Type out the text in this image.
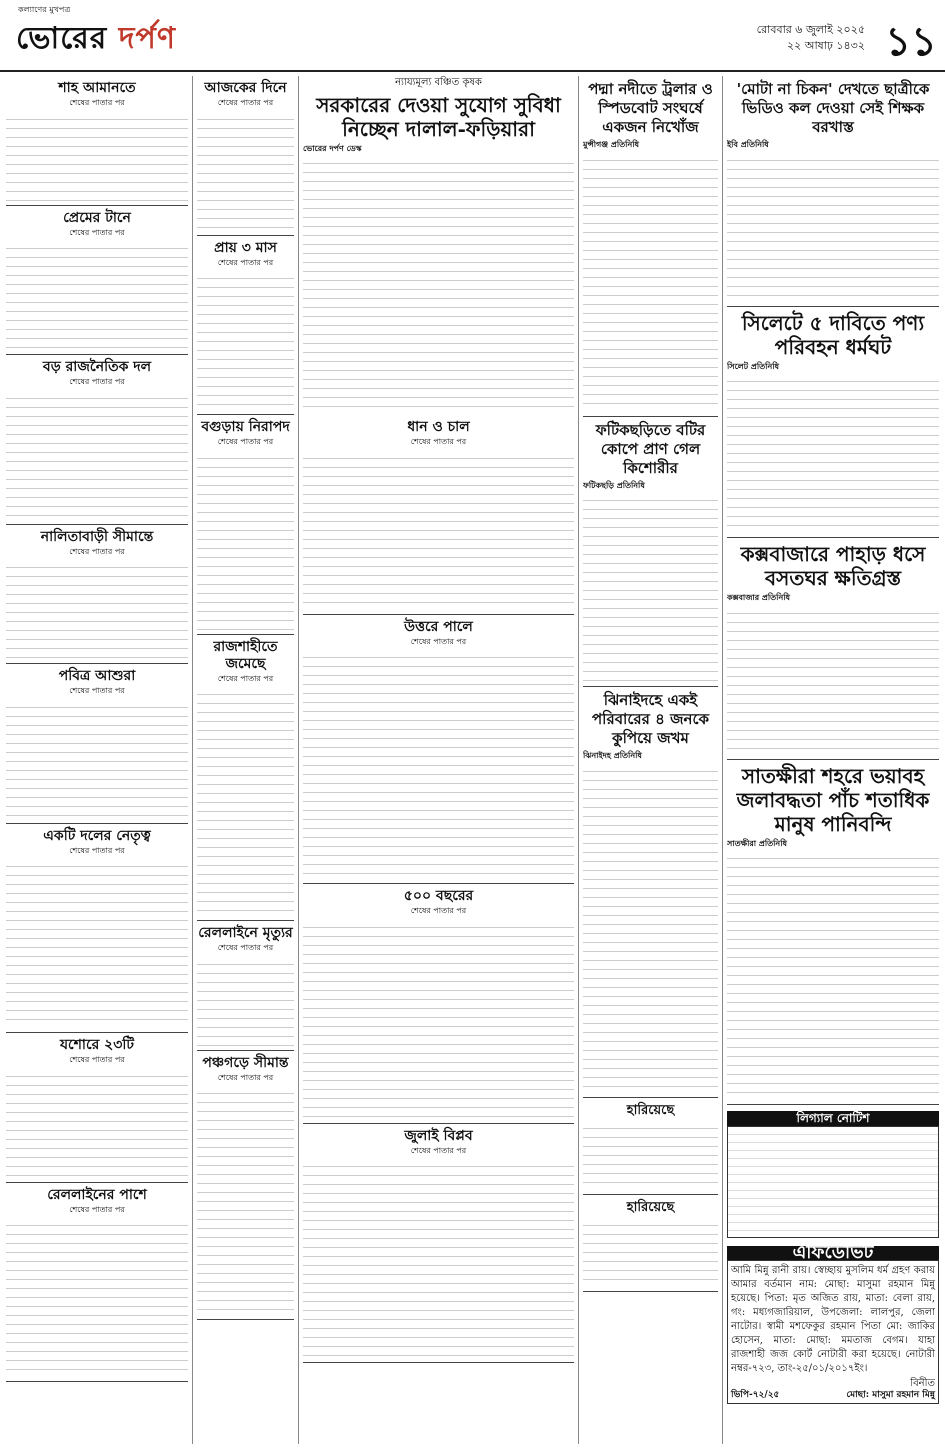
কল্যাণের মুখপত্র
ভোরের দর্পণ	রোববার ৬ জুলাই ২০২৫
২২ আষাঢ় ১৪৩২ ১১
শাহ আমানতে
শেষের পাতার পর
প্রেমের টানে
শেষের পাতার পর
বড় রাজনৈতিক দল
শেষের পাতার পর
নালিতাবাড়ী সীমান্তে
শেষের পাতার পর
পবিত্র আশুরা
শেষের পাতার পর
একটি দলের নেতৃত্ব
শেষের পাতার পর
যশোরে ২৩টি
শেষের পাতার পর
রেললাইনের পাশে
শেষের পাতার পর
আজকের দিনে
শেষের পাতার পর
প্রায় ৩ মাস
শেষের পাতার পর
বগুড়ায় নিরাপদ
শেষের পাতার পর
রাজশাহীতে জমেছে
শেষের পাতার পর
রেললাইনে মৃত্যুর
শেষের পাতার পর
পঞ্চগড়ে সীমান্ত
শেষের পাতার পর
ন্যায্যমূল্য বঞ্চিত কৃষক
সরকারের দেওয়া সুযোগ সুবিধা নিচ্ছেন দালাল-ফড়িয়ারা
ভোরের দর্পণ ডেস্ক
ধান ও চাল
শেষের পাতার পর
উত্তরে পালে
শেষের পাতার পর
৫০০ বছরের
শেষের পাতার পর
জুলাই বিপ্লব
শেষের পাতার পর
পদ্মা নদীতে ট্রলার ও স্পিডবোট সংঘর্ষে একজন নিখোঁজ
মুন্সীগঞ্জ প্রতিনিধি
ফটিকছড়িতে বটির কোপে প্রাণ গেল কিশোরীর
ফটিকছড়ি প্রতিনিধি
ঝিনাইদহে একই পরিবারের ৪ জনকে কুপিয়ে জখম
ঝিনাইদহ প্রতিনিধি
হারিয়েছে
হারিয়েছে
'মোটা না চিকন' দেখতে ছাত্রীকে ভিডিও কল দেওয়া সেই শিক্ষক বরখাস্ত
ইবি প্রতিনিধি
সিলেটে ৫ দাবিতে পণ্য পরিবহন ধর্মঘট
সিলেট প্রতিনিধি
কক্সবাজারে পাহাড় ধসে বসতঘর ক্ষতিগ্রস্ত
কক্সবাজার প্রতিনিধি
সাতক্ষীরা শহরে ভয়াবহ জলাবদ্ধতা পাঁচ শতাধিক মানুষ পানিবন্দি
সাতক্ষীরা প্রতিনিধি
লিগ্যাল নোটিশ
এফিডেভিট

আমি মিন্নু রানী রায়। স্বেচ্ছায় মুসলিম ধর্ম গ্রহণ করায় আমার বর্তমান নাম: মোছা: মাসুমা রহমান মিন্নু হয়েছে। পিতা: মৃত অজিত রায়, মাতা: বেলা রায়, গং: মধ্যগজারিয়াল, উপজেলা: লালপুর, জেলা নাটোর। স্বামী মশফেকুর রহমান পিতা মো: জাকির হোসেন, মাতা: মোছা: মমতাজ বেগম। যাহা রাজশাহী জজ কোর্ট নোটারী করা হয়েছে। নোটারী নম্বর-৭২৩, তাং-২৫/০১/২০১৭ইং।

বিনীত
ভিপি-৭২/২৫	মোছা: মাসুমা রহমান মিন্নু
